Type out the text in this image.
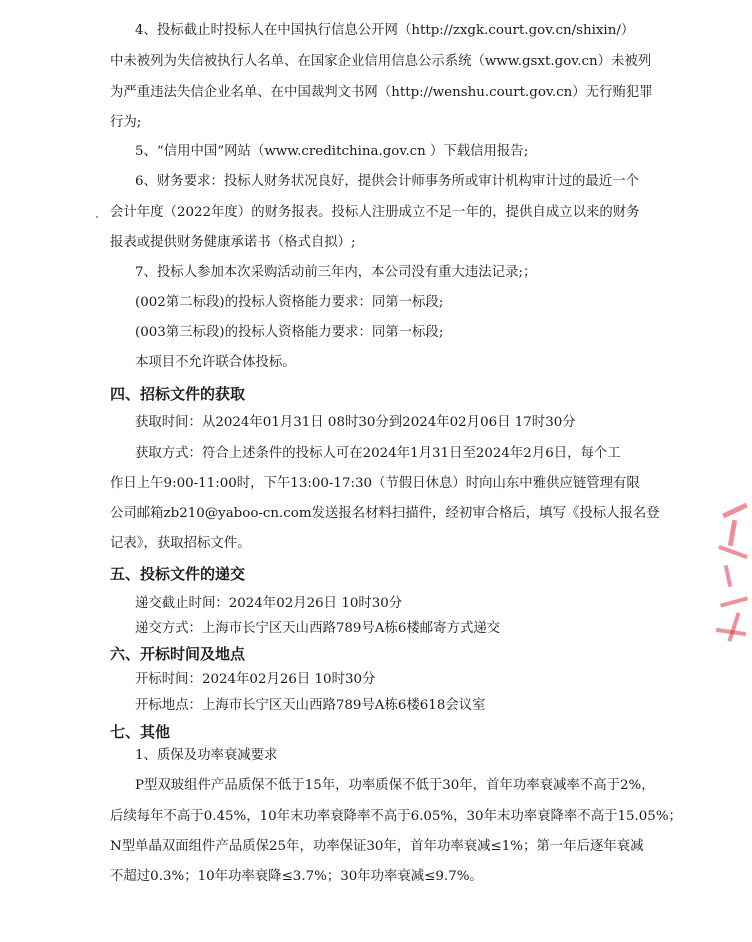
4、投标截止时投标人在中国执行信息公开网（http://zxgk.court.gov.cn/shixin/）
中未被列为失信被执行人名单、在国家企业信用信息公示系统（www.gsxt.gov.cn）未被列
为严重违法失信企业名单、在中国裁判文书网（http://wenshu.court.gov.cn）无行贿犯罪
行为;
5、“信用中国”网站（www.creditchina.gov.cn ）下载信用报告;
6、财务要求：投标人财务状况良好，提供会计师事务所或审计机构审计过的最近一个
会计年度（2022年度）的财务报表。投标人注册成立不足一年的，提供自成立以来的财务
报表或提供财务健康承诺书（格式自拟）;
7、投标人参加本次采购活动前三年内，本公司没有重大违法记录;；
(002第二标段)的投标人资格能力要求：同第一标段;
(003第三标段)的投标人资格能力要求：同第一标段;
本项目不允许联合体投标。
四、招标文件的获取
获取时间：从2024年01月31日 08时30分到2024年02月06日 17时30分
获取方式：符合上述条件的投标人可在2024年1月31日至2024年2月6日，每个工
作日上午9:00-11:00时，下午13:00-17:30（节假日休息）时向山东中雅供应链管理有限
公司邮箱zb210@yaboo-cn.com发送报名材料扫描件，经初审合格后，填写《投标人报名登
记表》，获取招标文件。
五、投标文件的递交
递交截止时间：2024年02月26日 10时30分
递交方式：上海市长宁区天山西路789号A栋6楼邮寄方式递交
六、开标时间及地点
开标时间：2024年02月26日 10时30分
开标地点：上海市长宁区天山西路789号A栋6楼618会议室
七、其他
1、质保及功率衰减要求
P型双玻组件产品质保不低于15年，功率质保不低于30年，首年功率衰减率不高于2%，
后续每年不高于0.45%，10年末功率衰降率不高于6.05%，30年末功率衰降率不高于15.05%；
N型单晶双面组件产品质保25年，功率保证30年，首年功率衰减≤1%；第一年后逐年衰减
不超过0.3%；10年功率衰降≤3.7%；30年功率衰减≤9.7%。
